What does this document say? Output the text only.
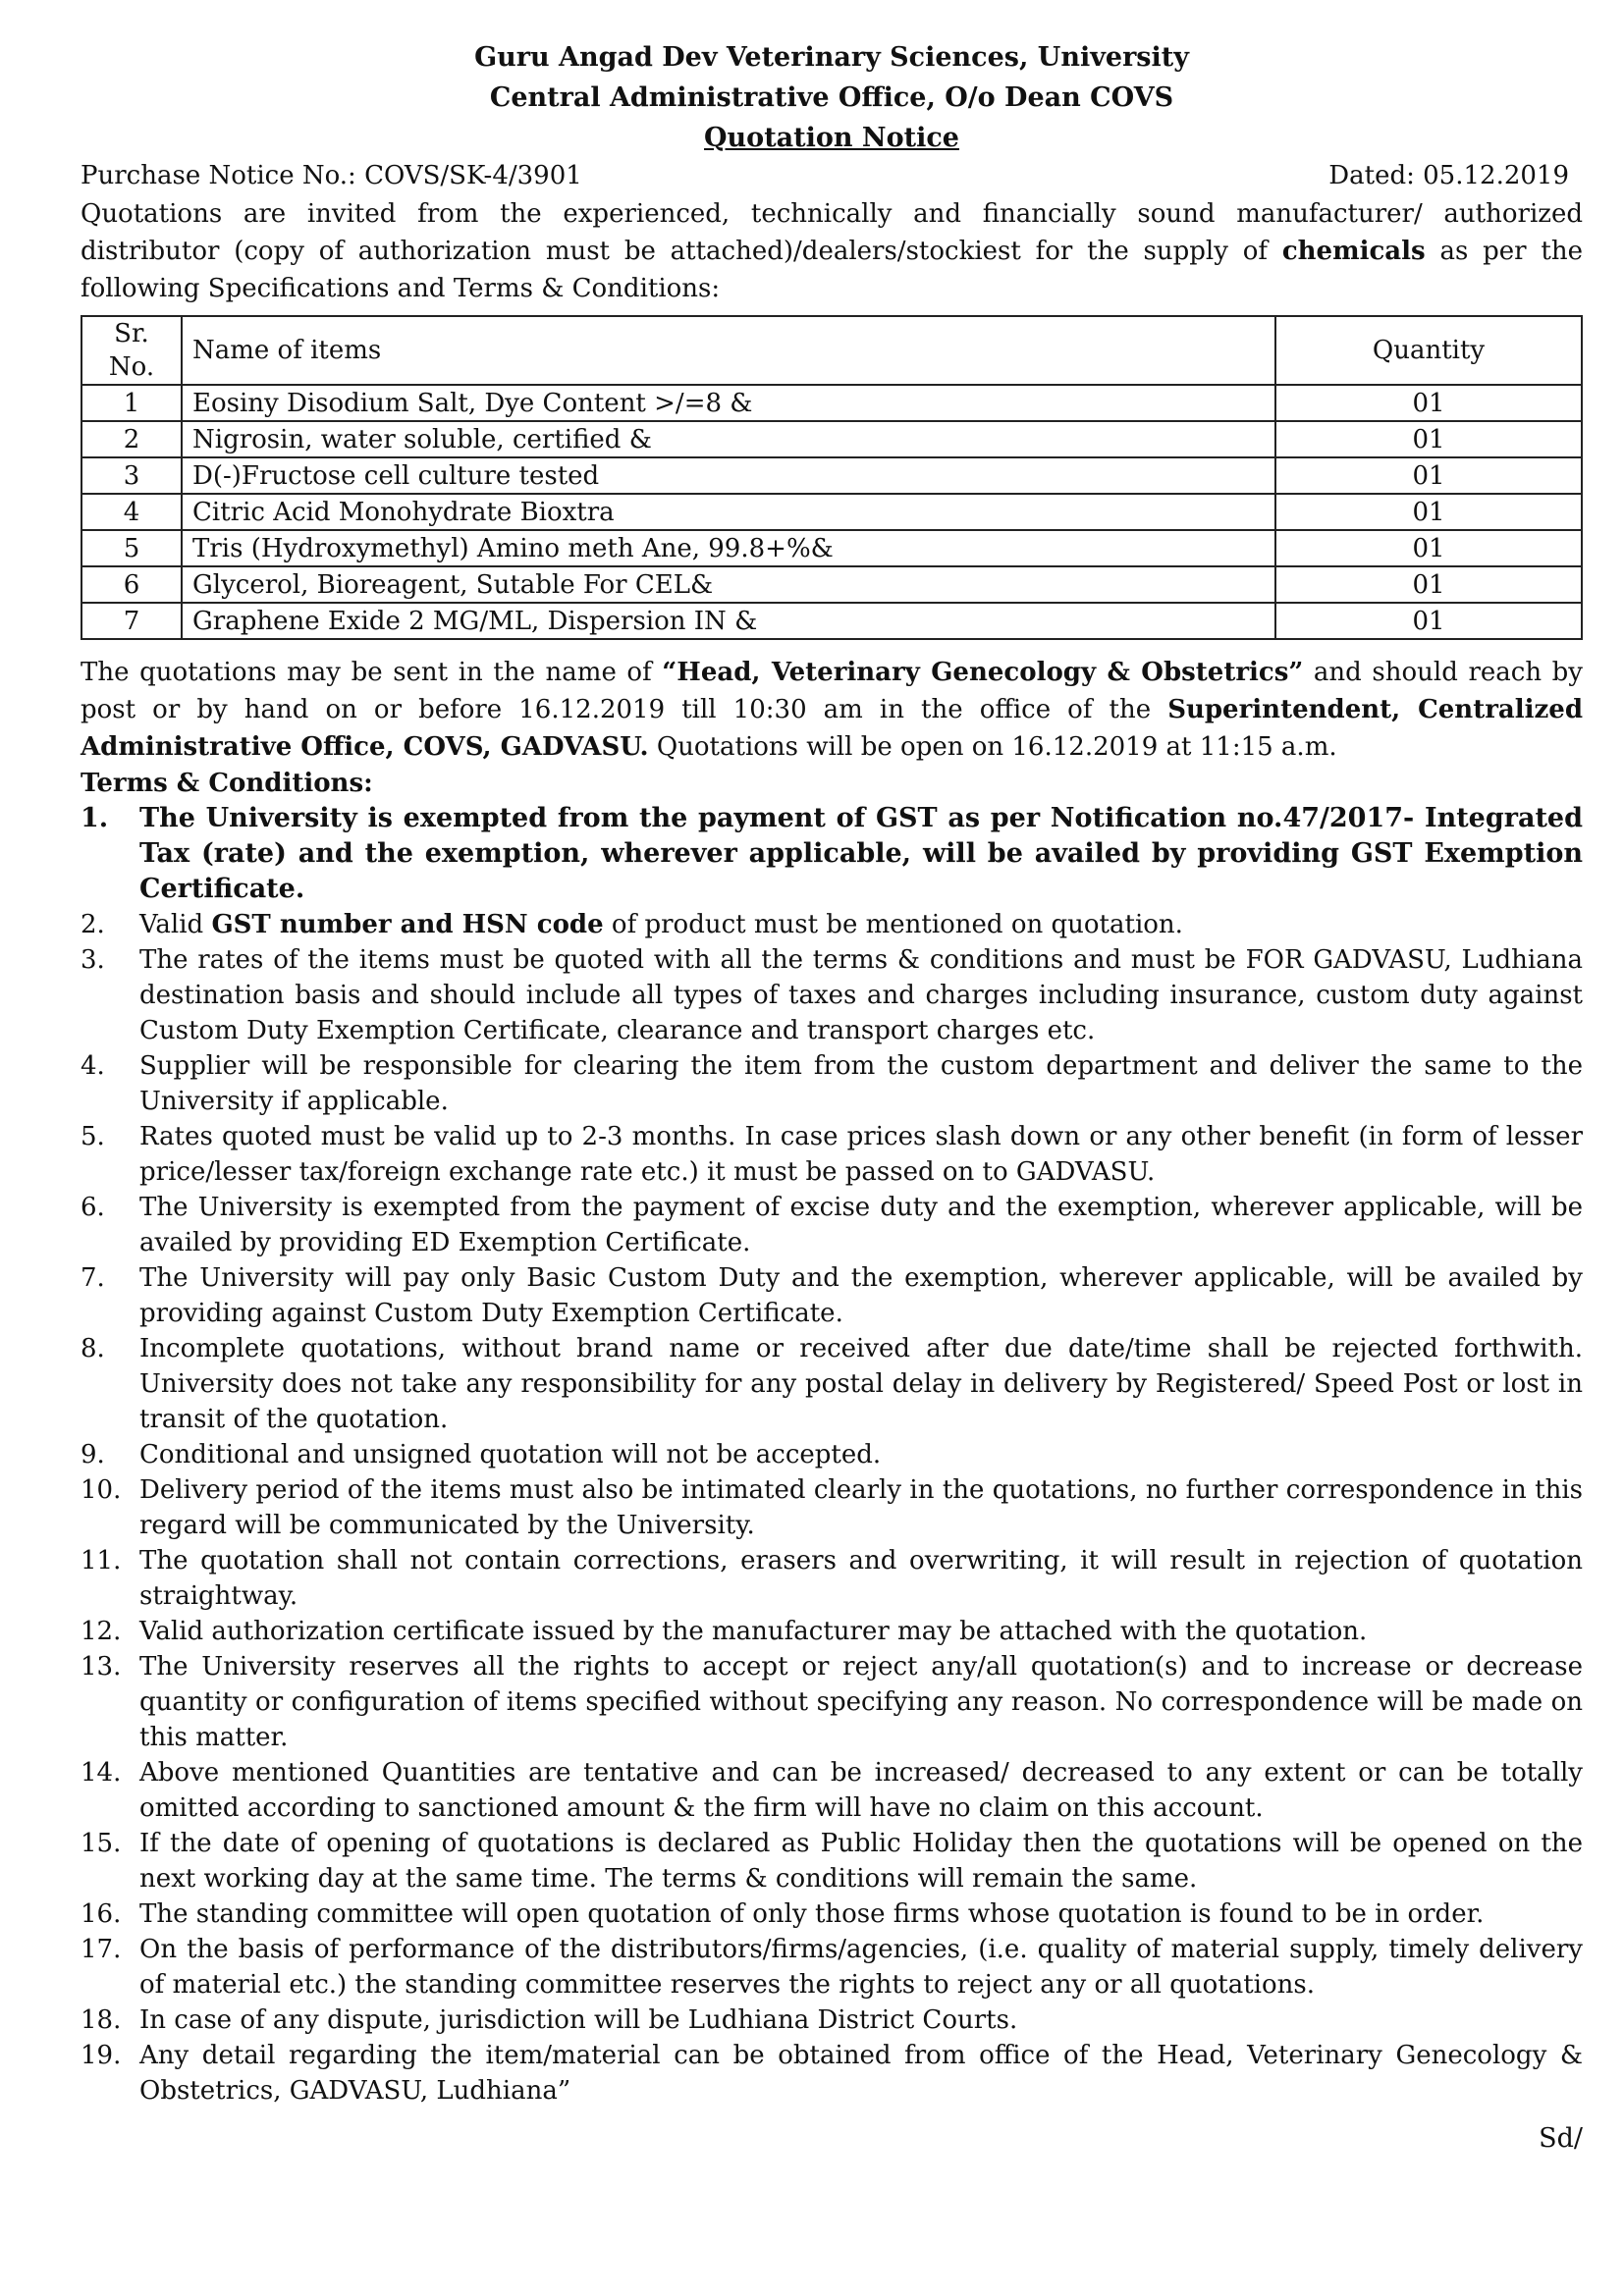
Guru Angad Dev Veterinary Sciences, University
Central Administrative Office, O/o Dean COVS
Quotation Notice
Purchase Notice No.: COVS/SK-4/3901	Dated: 05.12.2019
Quotations are invited from the experienced, technically and financially sound manufacturer/ authorized distributor (copy of authorization must be attached)/dealers/stockiest for the supply of chemicals as per the following Specifications and Terms & Conditions:
Sr. No.	Name of items	Quantity
1	Eosiny Disodium Salt, Dye Content >/=8 &	01
2	Nigrosin, water soluble, certified &	01
3	D(-)Fructose cell culture tested	01
4	Citric Acid Monohydrate Bioxtra	01
5	Tris (Hydroxymethyl) Amino meth Ane, 99.8+%&	01
6	Glycerol, Bioreagent, Sutable For CEL&	01
7	Graphene Exide 2 MG/ML, Dispersion IN &	01
The quotations may be sent in the name of “Head, Veterinary Genecology & Obstetrics” and should reach by post or by hand on or before 16.12.2019 till 10:30 am in the office of the Superintendent, Centralized Administrative Office, COVS, GADVASU. Quotations will be open on 16.12.2019 at 11:15 a.m.
Terms & Conditions:
1.	The University is exempted from the payment of GST as per Notification no.47/2017- Integrated Tax (rate) and the exemption, wherever applicable, will be availed by providing GST Exemption Certificate.
2.	Valid GST number and HSN code of product must be mentioned on quotation.
3.	The rates of the items must be quoted with all the terms & conditions and must be FOR GADVASU, Ludhiana destination basis and should include all types of taxes and charges including insurance, custom duty against Custom Duty Exemption Certificate, clearance and transport charges etc.
4.	Supplier will be responsible for clearing the item from the custom department and deliver the same to the University if applicable.
5.	Rates quoted must be valid up to 2-3 months. In case prices slash down or any other benefit (in form of lesser price/lesser tax/foreign exchange rate etc.) it must be passed on to GADVASU.
6.	The University is exempted from the payment of excise duty and the exemption, wherever applicable, will be availed by providing ED Exemption Certificate.
7.	The University will pay only Basic Custom Duty and the exemption, wherever applicable, will be availed by providing against Custom Duty Exemption Certificate.
8.	Incomplete quotations, without brand name or received after due date/time shall be rejected forthwith. University does not take any responsibility for any postal delay in delivery by Registered/ Speed Post or lost in transit of the quotation.
9.	Conditional and unsigned quotation will not be accepted.
10. Delivery period of the items must also be intimated clearly in the quotations, no further correspondence in this regard will be communicated by the University.
11. The quotation shall not contain corrections, erasers and overwriting, it will result in rejection of quotation straightway.
12. Valid authorization certificate issued by the manufacturer may be attached with the quotation.
13. The University reserves all the rights to accept or reject any/all quotation(s) and to increase or decrease quantity or configuration of items specified without specifying any reason. No correspondence will be made on this matter.
14. Above mentioned Quantities are tentative and can be increased/ decreased to any extent or can be totally omitted according to sanctioned amount & the firm will have no claim on this account.
15. If the date of opening of quotations is declared as Public Holiday then the quotations will be opened on the next working day at the same time. The terms & conditions will remain the same.
16. The standing committee will open quotation of only those firms whose quotation is found to be in order.
17. On the basis of performance of the distributors/firms/agencies, (i.e. quality of material supply, timely delivery of material etc.) the standing committee reserves the rights to reject any or all quotations.
18. In case of any dispute, jurisdiction will be Ludhiana District Courts.
19. Any detail regarding the item/material can be obtained from office of the Head, Veterinary Genecology & Obstetrics, GADVASU, Ludhiana”
Sd/
